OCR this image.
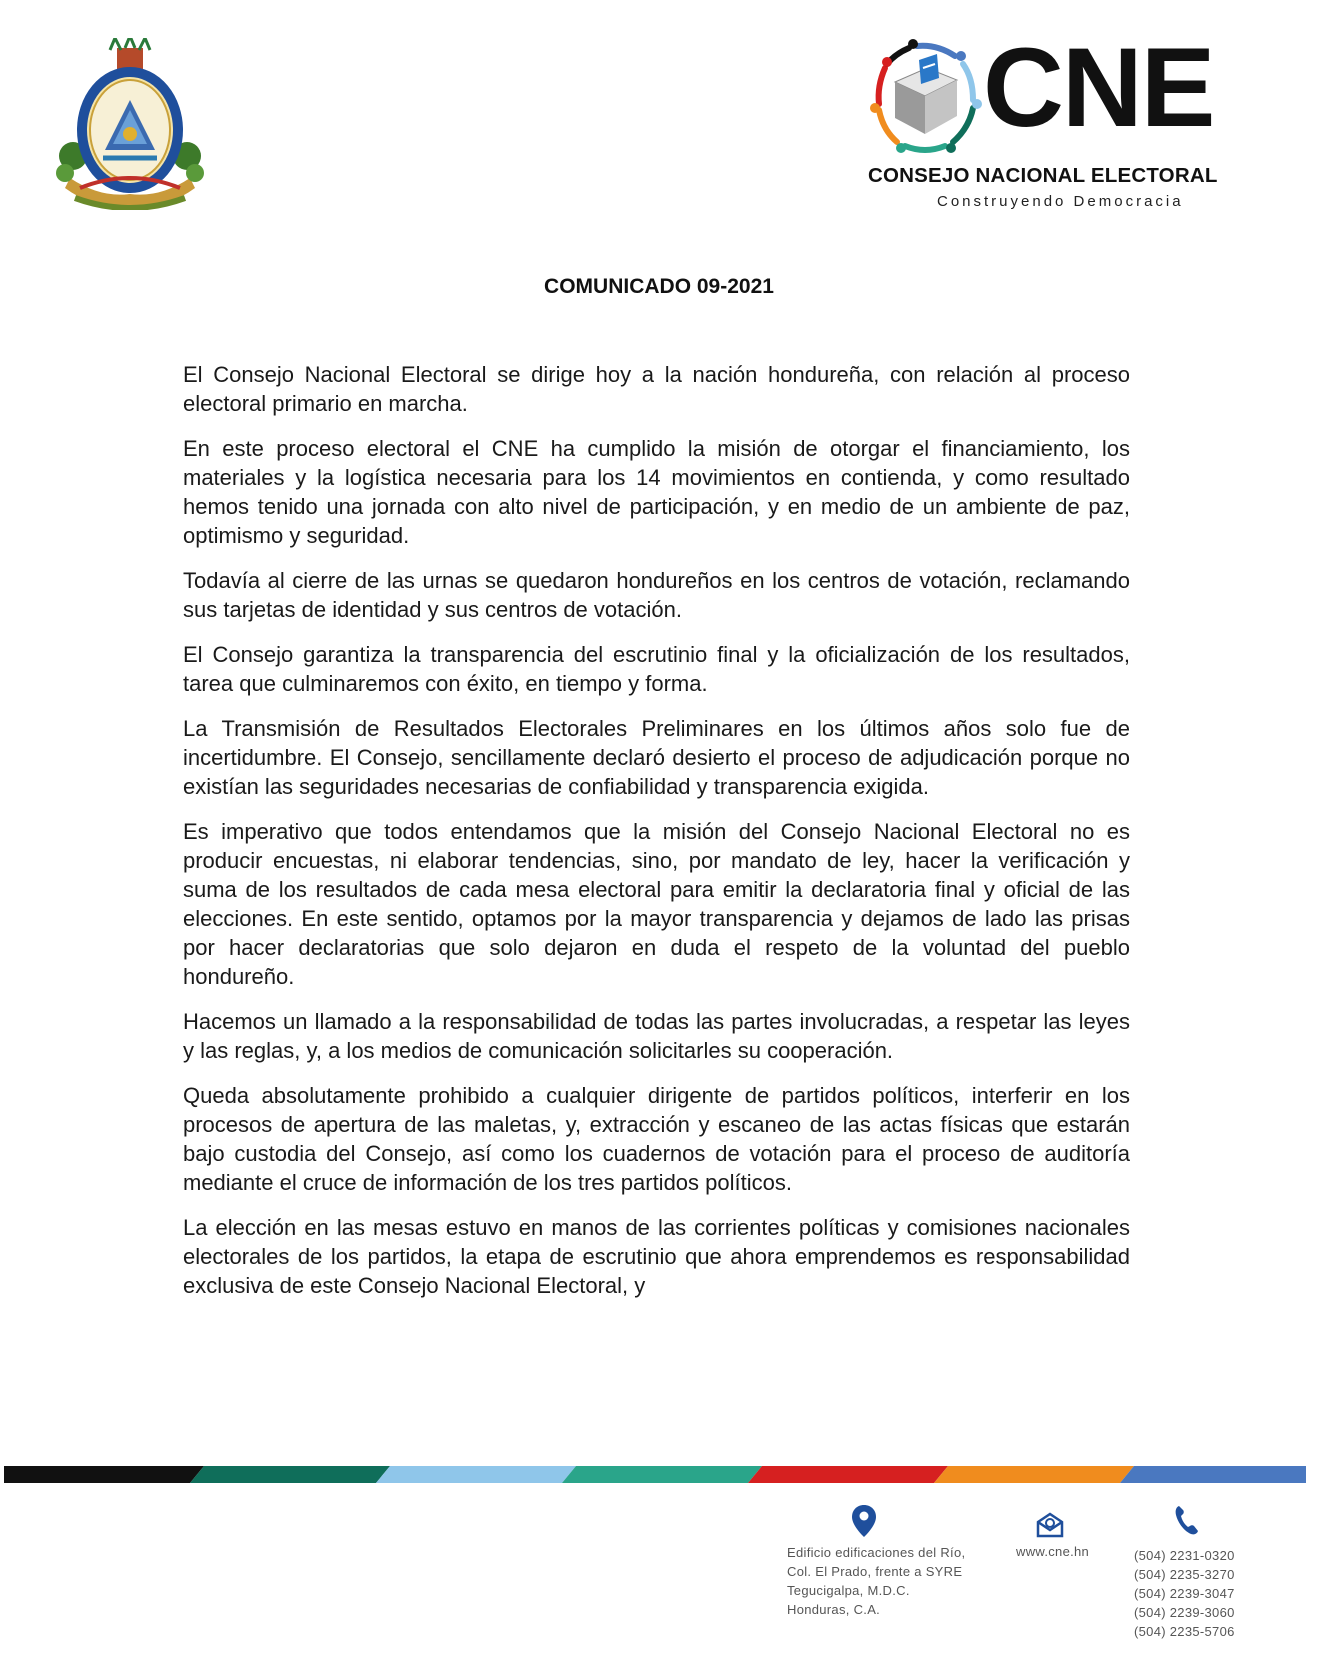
CNE
CONSEJO NACIONAL ELECTORAL
Construyendo Democracia
COMUNICADO 09-2021

El Consejo Nacional Electoral se dirige hoy a la nación hondureña, con relación al proceso electoral primario en marcha.

En este proceso electoral el CNE ha cumplido la misión de otorgar el financiamiento, los materiales y la logística necesaria para los 14 movimientos en contienda, y como resultado hemos tenido una jornada con alto nivel de participación, y en medio de un ambiente de paz, optimismo y seguridad.

Todavía al cierre de las urnas se quedaron hondureños en los centros de votación, reclamando sus tarjetas de identidad y sus centros de votación.

El Consejo garantiza la transparencia del escrutinio final y la oficialización de los resultados, tarea que culminaremos con éxito, en tiempo y forma.

La Transmisión de Resultados Electorales Preliminares en los últimos años solo fue de incertidumbre. El Consejo, sencillamente declaró desierto el proceso de adjudicación porque no existían las seguridades necesarias de confiabilidad y transparencia exigida.

Es imperativo que todos entendamos que la misión del Consejo Nacional Electoral no es producir encuestas, ni elaborar tendencias, sino, por mandato de ley, hacer la verificación y suma de los resultados de cada mesa electoral para emitir la declaratoria final y oficial de las elecciones. En este sentido, optamos por la mayor transparencia y dejamos de lado las prisas por hacer declaratorias que solo dejaron en duda el respeto de la voluntad del pueblo hondureño.

Hacemos un llamado a la responsabilidad de todas las partes involucradas, a respetar las leyes y las reglas, y, a los medios de comunicación solicitarles su cooperación.

Queda absolutamente prohibido a cualquier dirigente de partidos políticos, interferir en los procesos de apertura de las maletas, y, extracción y escaneo de las actas físicas que estarán bajo custodia del Consejo, así como los cuadernos de votación para el proceso de auditoría mediante el cruce de información de los tres partidos políticos.

La elección en las mesas estuvo en manos de las corrientes políticas y comisiones nacionales electorales de los partidos, la etapa de escrutinio que ahora emprendemos es responsabilidad exclusiva de este Consejo Nacional Electoral, y

Edificio edificaciones del Río,
Col. El Prado, frente a SYRE
Tegucigalpa, M.D.C.
Honduras, C.A.
www.cne.hn	(504) 2231-0320
(504) 2235-3270
(504) 2239-3047
(504) 2239-3060
(504) 2235-5706
